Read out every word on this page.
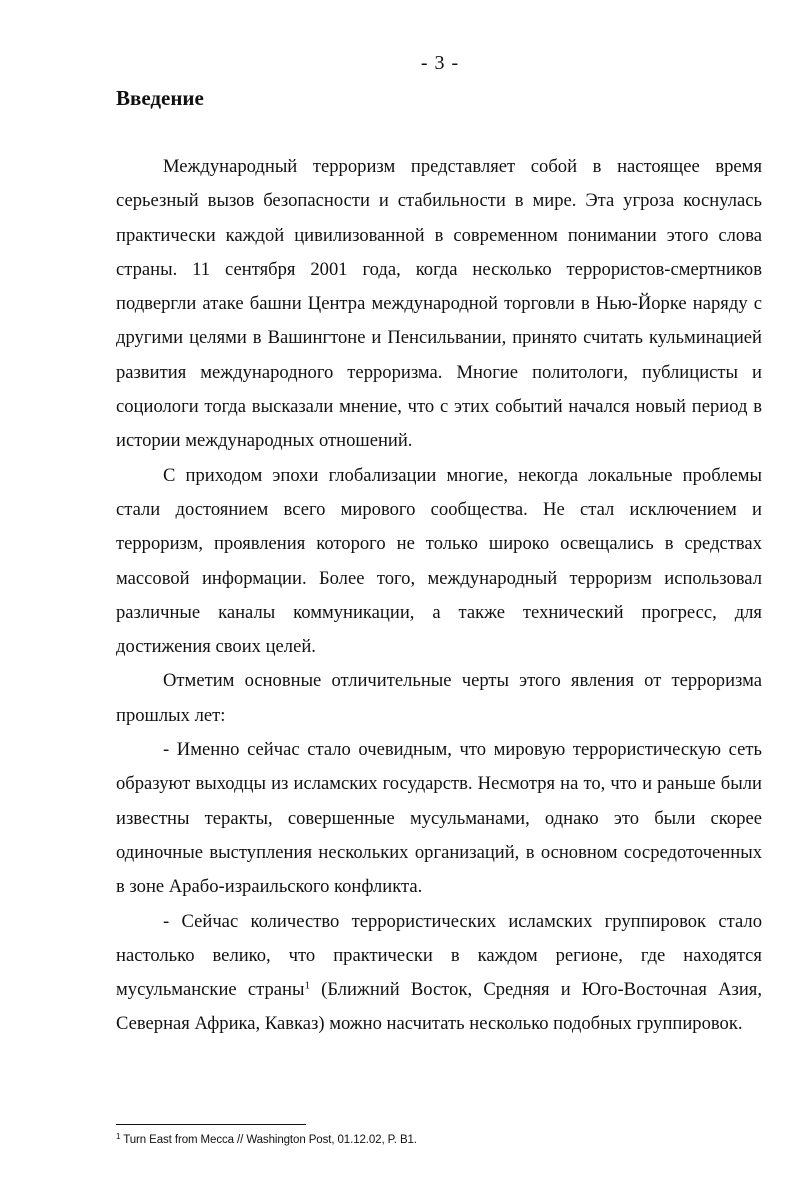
- 3 -
Введение

Международный терроризм представляет собой в настоящее время серьезный вызов безопасности и стабильности в мире. Эта угроза коснулась практически каждой цивилизованной в современном понимании этого слова страны. 11 сентября 2001 года, когда несколько террористов-смертников подвергли атаке башни Центра международной торговли в Нью-Йорке наряду с другими целями в Вашингтоне и Пенсильвании, принято считать кульминацией развития международного терроризма. Многие политологи, публицисты и социологи тогда высказали мнение, что с этих событий начался новый период в истории международных отношений.

С приходом эпохи глобализации многие, некогда локальные проблемы стали достоянием всего мирового сообщества. Не стал исключением и терроризм, проявления которого не только широко освещались в средствах массовой информации. Более того, международный терроризм использовал различные каналы коммуникации, а также технический прогресс, для достижения своих целей.

Отметим основные отличительные черты этого явления от терроризма прошлых лет:

- Именно сейчас стало очевидным, что мировую террористическую сеть образуют выходцы из исламских государств. Несмотря на то, что и раньше были известны теракты, совершенные мусульманами, однако это были скорее одиночные выступления нескольких организаций, в основном сосредоточенных в зоне Арабо-израильского конфликта.

- Сейчас количество террористических исламских группировок стало настолько велико, что практически в каждом регионе, где находятся мусульманские страны$^1$ (Ближний Восток, Средняя и Юго-Восточная Азия, Северная Африка, Кавказ) можно насчитать несколько подобных группировок.

$^1$ Turn East from Mecca // Washington Post, 01.12.02, P. B1.
